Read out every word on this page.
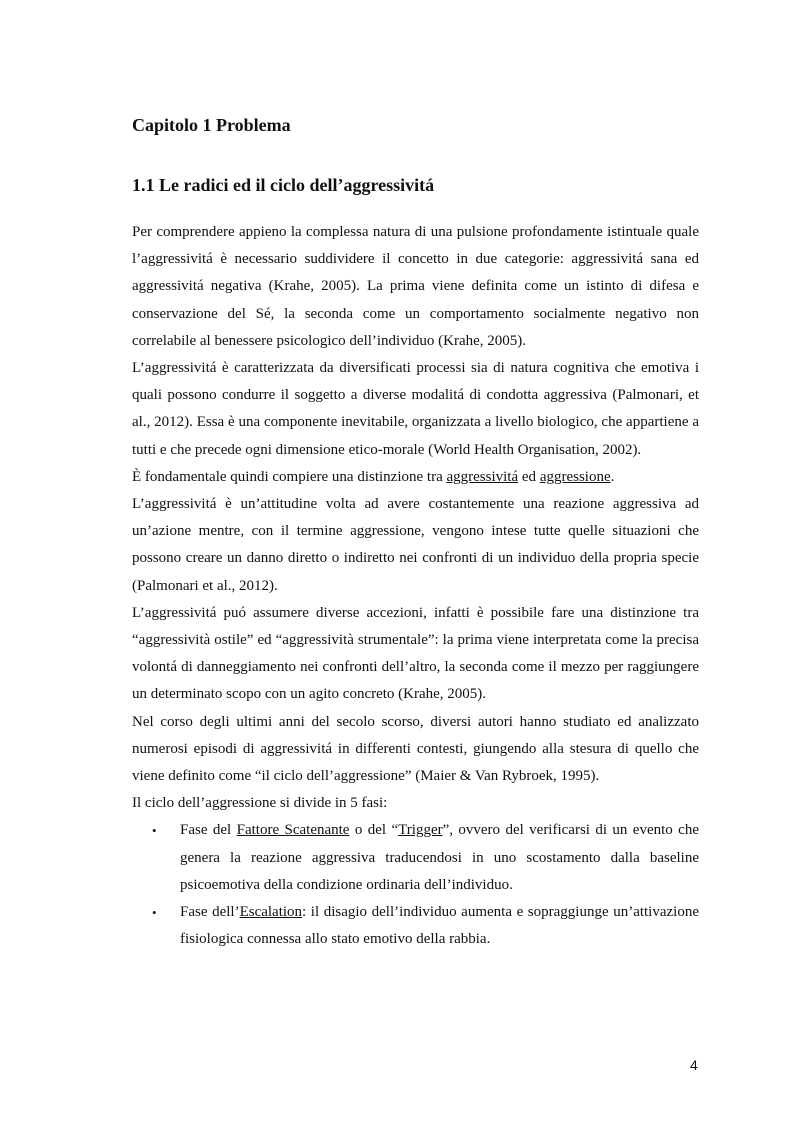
Capitolo 1 Problema
1.1 Le radici ed il ciclo dell’aggressivitá

Per comprendere appieno la complessa natura di una pulsione profondamente istintuale quale l’aggressivitá è necessario suddividere il concetto in due categorie: aggressivitá sana ed aggressivitá negativa (Krahe, 2005). La prima viene definita come un istinto di difesa e conservazione del Sé, la seconda come un comportamento socialmente negativo non correlabile al benessere psicologico dell’individuo (Krahe, 2005).

L’aggressivitá è caratterizzata da diversificati processi sia di natura cognitiva che emotiva i quali possono condurre il soggetto a diverse modalitá di condotta aggressiva (Palmonari, et al., 2012). Essa è una componente inevitabile, organizzata a livello biologico, che appartiene a tutti e che precede ogni dimensione etico-morale (World Health Organisation, 2002).

È fondamentale quindi compiere una distinzione tra aggressivitá ed aggressione.

L’aggressivitá è un’attitudine volta ad avere costantemente una reazione aggressiva ad un’azione mentre, con il termine aggressione, vengono intese tutte quelle situazioni che possono creare un danno diretto o indiretto nei confronti di un individuo della propria specie (Palmonari et al., 2012).

L’aggressivitá puó assumere diverse accezioni, infatti è possibile fare una distinzione tra “aggressività ostile” ed “aggressività strumentale”: la prima viene interpretata come la precisa volontá di danneggiamento nei confronti dell’altro, la seconda come il mezzo per raggiungere un determinato scopo con un agito concreto (Krahe, 2005).

Nel corso degli ultimi anni del secolo scorso, diversi autori hanno studiato ed analizzato numerosi episodi di aggressivitá in differenti contesti, giungendo alla stesura di quello che viene definito come “il ciclo dell’aggressione” (Maier & Van Rybroek, 1995).

Il ciclo dell’aggressione si divide in 5 fasi:

• Fase del Fattore Scatenante o del “Trigger”, ovvero del verificarsi di un evento che genera la reazione aggressiva traducendosi in uno scostamento dalla baseline psicoemotiva della condizione ordinaria dell’individuo.
• Fase dell’Escalation: il disagio dell’individuo aumenta e sopraggiunge un’attivazione fisiologica connessa allo stato emotivo della rabbia.
4
